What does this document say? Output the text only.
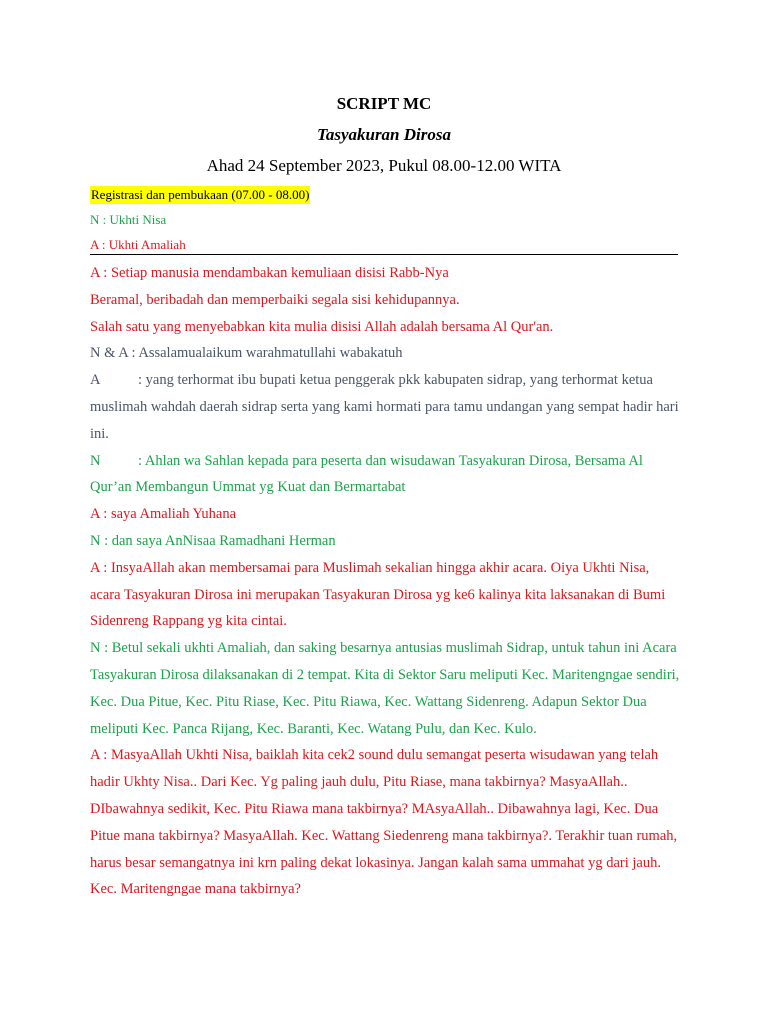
SCRIPT MC
Tasyakuran Dirosa
Ahad 24 September 2023, Pukul 08.00-12.00 WITA
Registrasi dan pembukaan (07.00 - 08.00)
N : Ukhti Nisa
A : Ukhti Amaliah

A : Setiap manusia mendambakan kemuliaan disisi Rabb-Nya

Beramal, beribadah dan memperbaiki segala sisi kehidupannya.

Salah satu yang menyebabkan kita mulia disisi Allah adalah bersama Al Qur'an.

N & A : Assalamualaikum warahmatullahi wabakatuh

A	: yang terhormat ibu bupati ketua penggerak pkk kabupaten sidrap, yang terhormat ketua muslimah wahdah daerah sidrap serta yang kami hormati para tamu undangan yang sempat hadir hari ini.

N	: Ahlan wa Sahlan kepada para peserta dan wisudawan Tasyakuran Dirosa, Bersama Al Qur’an Membangun Ummat yg Kuat dan Bermartabat

A : saya Amaliah Yuhana

N : dan saya AnNisaa Ramadhani Herman

A : InsyaAllah akan membersamai para Muslimah sekalian hingga akhir acara. Oiya Ukhti Nisa, acara Tasyakuran Dirosa ini merupakan Tasyakuran Dirosa yg ke6 kalinya kita laksanakan di Bumi Sidenreng Rappang yg kita cintai.

N : Betul sekali ukhti Amaliah, dan saking besarnya antusias muslimah Sidrap, untuk tahun ini Acara Tasyakuran Dirosa dilaksanakan di 2 tempat. Kita di Sektor Saru meliputi Kec. Maritengngae sendiri, Kec. Dua Pitue, Kec. Pitu Riase, Kec. Pitu Riawa, Kec. Wattang Sidenreng. Adapun Sektor Dua meliputi Kec. Panca Rijang, Kec. Baranti, Kec. Watang Pulu, dan Kec. Kulo.

A : MasyaAllah Ukhti Nisa, baiklah kita cek2 sound dulu semangat peserta wisudawan yang telah hadir Ukhty Nisa.. Dari Kec. Yg paling jauh dulu, Pitu Riase, mana takbirnya? MasyaAllah.. DIbawahnya sedikit, Kec. Pitu Riawa mana takbirnya? MAsyaAllah.. Dibawahnya lagi, Kec. Dua Pitue mana takbirnya? MasyaAllah. Kec. Wattang Siedenreng mana takbirnya?. Terakhir tuan rumah, harus besar semangatnya ini krn paling dekat lokasinya. Jangan kalah sama ummahat yg dari jauh. Kec. Maritengngae mana takbirnya?
